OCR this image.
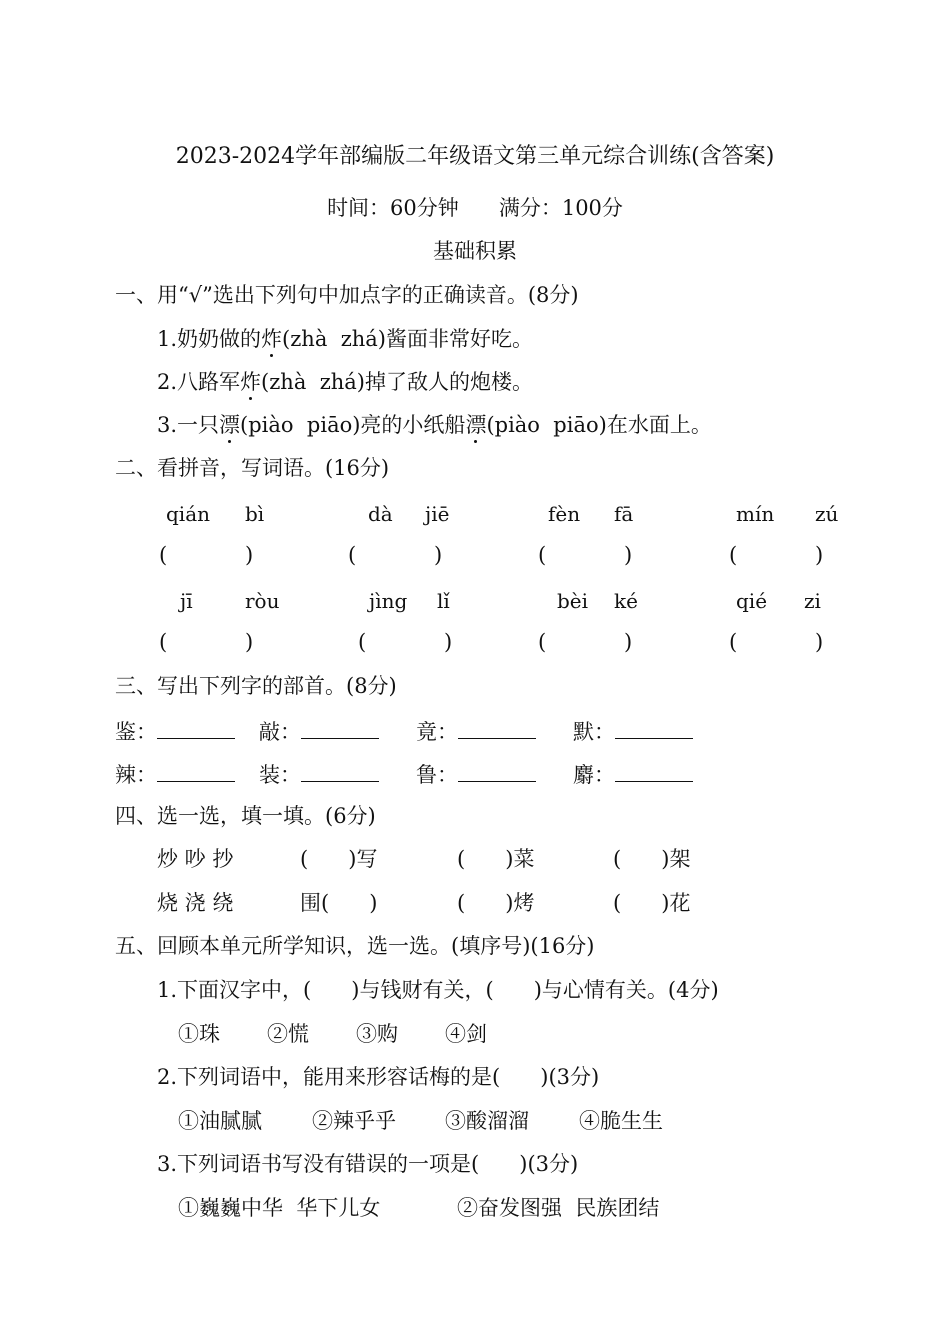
2023-2024学年部编版二年级语文第三单元综合训练(含答案)
时间：60分钟      满分：100分
基础积累
一、用“√”选出下列句中加点字的正确读音。(8分)
1.奶奶做的炸(zhà  zhá)酱面非常好吃。
2.八路军炸(zhà  zhá)掉了敌人的炮楼。
3.一只漂(piào  piāo)亮的小纸船漂(piào  piāo)在水面上。
二、看拼音，写词语。(16分)
qián bì	dà jiē	fèn fā	mín zú
(	)	(	)	(	)	(	)
jī	ròu	jìng lǐ	bèi ké	qié zi
(	)	(	)	(	)	(	)
三、写出下列字的部首。(8分)
鉴：	敲：	竟：	默：
辣：	装：	鲁：	麝：
四、选一选，填一填。(6分)
炒 吵 抄	(      )写	(      )菜	(      )架
烧 浇 绕	围(      )	(      )烤	(      )花
五、回顾本单元所学知识，选一选。(填序号)(16分)
1.下面汉字中，(      )与钱财有关，(      )与心情有关。(4分)
①珠 ②慌 ③购 ④剑
2.下列词语中，能用来形容话梅的是(      )(3分)
①油腻腻 ②辣乎乎 ③酸溜溜 ④脆生生
3.下列词语书写没有错误的一项是(      )(3分)
①巍巍中华  华下儿女	②奋发图强  民族团结
